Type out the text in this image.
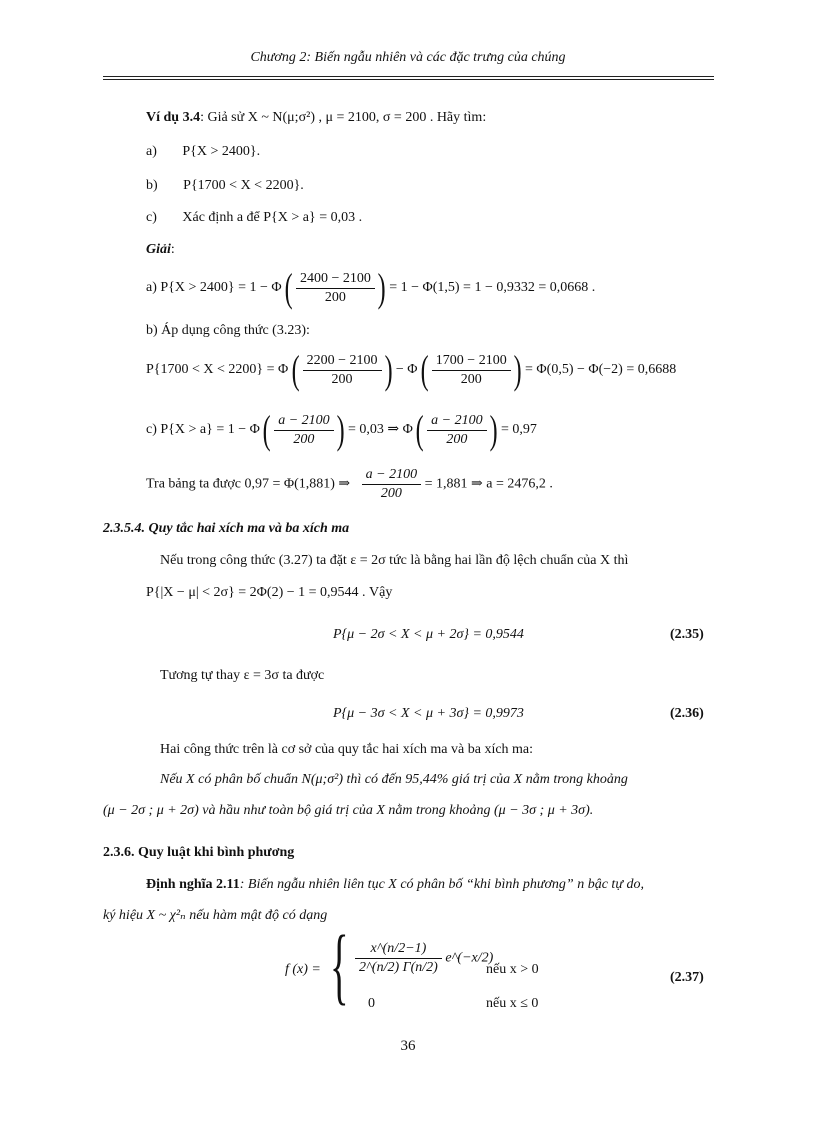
Chương 2: Biến ngẫu nhiên và các đặc trưng của chúng
Ví dụ 3.4: Giả sử X ~ N(μ;σ²) , μ = 2100, σ = 200 . Hãy tìm:
a) P{X > 2400}.
b) P{1700 < X < 2200}.
c) Xác định a để P{X > a} = 0,03 .
Giải:
a) P{X > 2400} = 1 − Φ ( $\frac{2400 - 2100}{200}$ ) = 1 − Φ(1,5) = 1 − 0,9332 = 0,0668 .
b) Áp dụng công thức (3.23):
P{1700 < X < 2200} = Φ ( $\frac{2200 - 2100}{200}$ ) − Φ ( $\frac{1700 - 2100}{200}$ ) = Φ(0,5) − Φ(−2) = 0,6688
c) P{X > a} = 1 − Φ ( $\frac{a - 2100}{200}$ ) = 0,03 ⇒ Φ ( $\frac{a - 2100}{200}$ ) = 0,97
Tra bảng ta được 0,97 = Φ(1,881) ⇒ $\frac{a - 2100}{200} = 1,881$ ⇒ a = 2476,2 .
2.3.5.4. Quy tắc hai xích ma và ba xích ma
Nếu trong công thức (3.27) ta đặt ε = 2σ tức là bằng hai lần độ lệch chuẩn của X thì
P{|X − μ| < 2σ} = 2Φ(2) − 1 = 0,9544 . Vậy
P{μ − 2σ < X < μ + 2σ} = 0,9544	(2.35)
Tương tự thay ε = 3σ ta được
P{μ − 3σ < X < μ + 3σ} = 0,9973	(2.36)
Hai công thức trên là cơ sở của quy tắc hai xích ma và ba xích ma:
Nếu X có phân bố chuẩn N(μ;σ²) thì có đến 95,44% giá trị của X nằm trong khoảng
(μ − 2σ ; μ + 2σ) và hầu như toàn bộ giá trị của X nằm trong khoảng (μ − 3σ ; μ + 3σ).
2.3.6. Quy luật khi bình phương
Định nghĩa 2.11: Biến ngẫu nhiên liên tục X có phân bố “khi bình phương” n bậc tự do,
ký hiệu X ~ χ²ₙ nếu hàm mật độ có dạng
f (x) = { $\frac{x\^{}(n/2-1)}{2\^{}(n/2) \Gamma(n/2)}$ e^(−x/2)
nếu x > 0
0	nếu x ≤ 0
(2.37)
36
